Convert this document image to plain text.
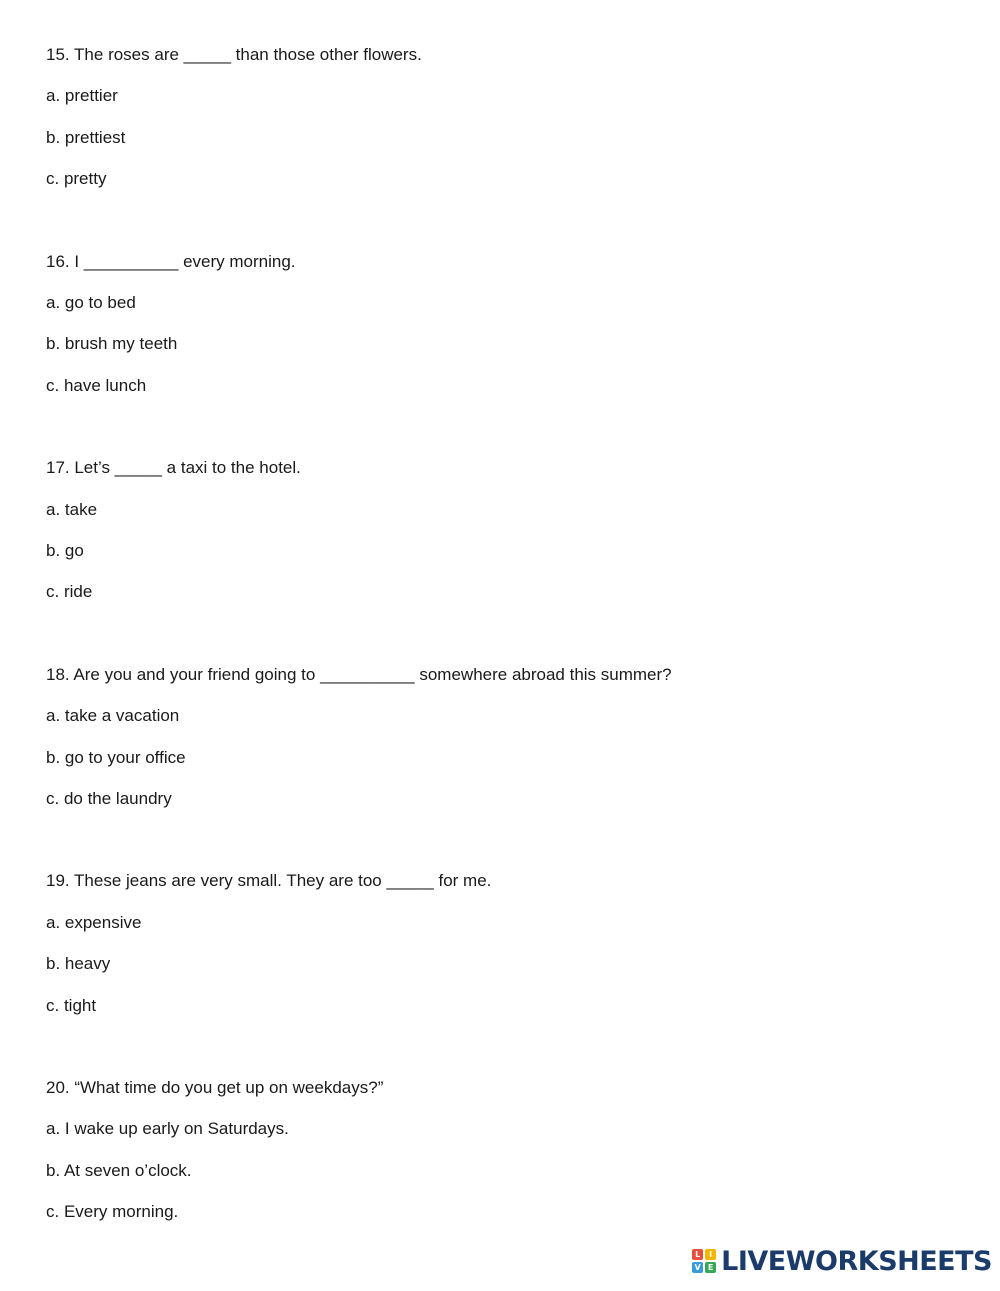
15. The roses are _____ than those other flowers.
a. prettier
b. prettiest
c. pretty
16. I __________ every morning.
a. go to bed
b. brush my teeth
c. have lunch
17. Let’s _____ a taxi to the hotel.
a. take
b. go
c. ride
18. Are you and your friend going to __________ somewhere abroad this summer?
a. take a vacation
b. go to your office
c. do the laundry
19. These jeans are very small. They are too _____ for me.
a. expensive
b. heavy
c. tight
20. “What time do you get up on weekdays?”
a. I wake up early on Saturdays.
b. At seven o’clock.
c. Every morning.
L	I
V E LIVEWORKSHEETS
